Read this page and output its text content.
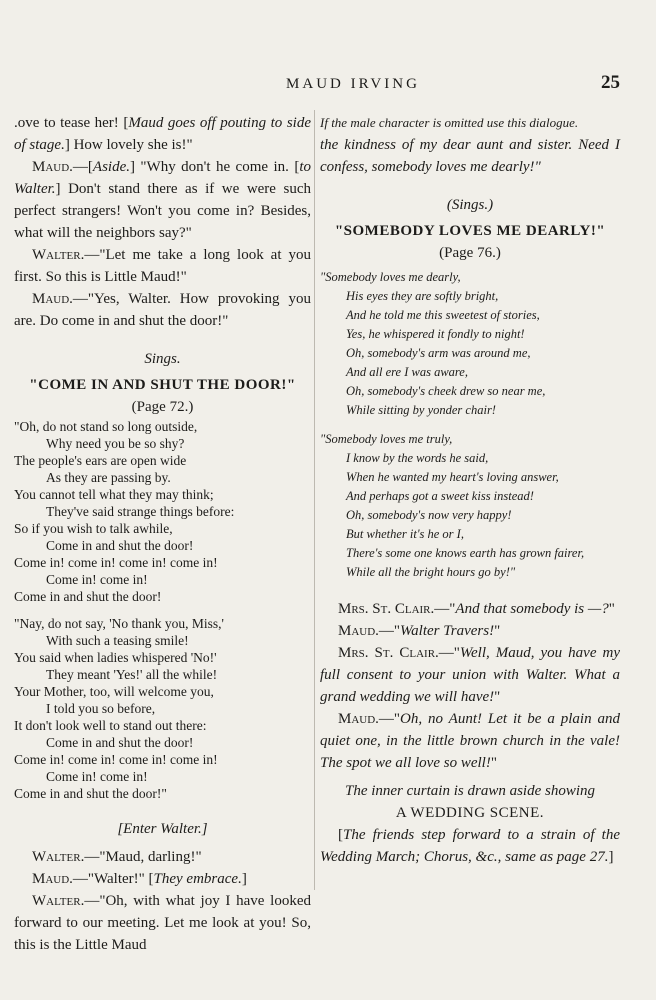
MAUD IRVING	25

.ove to tease her! [Maud goes off pouting to side of stage.] How lovely she is!"

Maud.—[Aside.] "Why don't he come in. [to Walter.] Don't stand there as if we were such perfect strangers! Won't you come in? Besides, what will the neighbors say?"

Walter.—"Let me take a long look at you first. So this is Little Maud!"

Maud.—"Yes, Walter. How provoking you are. Do come in and shut the door!"

Sings.

"COME IN AND SHUT THE DOOR!"

(Page 72.)

"Oh, do not stand so long outside,
Why need you be so shy?
The people's ears are open wide
As they are passing by.
You cannot tell what they may think;
They've said strange things before:
So if you wish to talk awhile,
Come in and shut the door!
Come in! come in! come in! come in!
Come in! come in!
Come in and shut the door!
"Nay, do not say, 'No thank you, Miss,'
With such a teasing smile!
You said when ladies whispered 'No!'
They meant 'Yes!' all the while!
Your Mother, too, will welcome you,
I told you so before,
It don't look well to stand out there:
Come in and shut the door!
Come in! come in! come in! come in!
Come in! come in!
Come in and shut the door!"

[Enter Walter.]

Walter.—"Maud, darling!"

Maud.—"Walter!" [They embrace.]

Walter.—"Oh, with what joy I have looked forward to our meeting. Let me look at you! So, this is the Little Maud

If the male character is omitted use this dialogue.

the kindness of my dear aunt and sister. Need I confess, somebody loves me dearly!"

(Sings.)

"SOMEBODY LOVES ME DEARLY!"

(Page 76.)

"Somebody loves me dearly,
His eyes they are softly bright,
And he told me this sweetest of stories,
Yes, he whispered it fondly to night!
Oh, somebody's arm was around me,
And all ere I was aware,
Oh, somebody's cheek drew so near me,
While sitting by yonder chair!
"Somebody loves me truly,
I know by the words he said,
When he wanted my heart's loving answer,
And perhaps got a sweet kiss instead!
Oh, somebody's now very happy!
But whether it's he or I,
There's some one knows earth has grown fairer,
While all the bright hours go by!"

Mrs. St. Clair.—"And that somebody is —?"

Maud.—"Walter Travers!"

Mrs. St. Clair.—"Well, Maud, you have my full consent to your union with Walter. What a grand wedding we will have!"

Maud.—"Oh, no Aunt! Let it be a plain and quiet one, in the little brown church in the vale! The spot we all love so well!"

The inner curtain is drawn aside showing

A WEDDING SCENE.

[The friends step forward to a strain of the Wedding March; Chorus, &c., same as page 27.]
